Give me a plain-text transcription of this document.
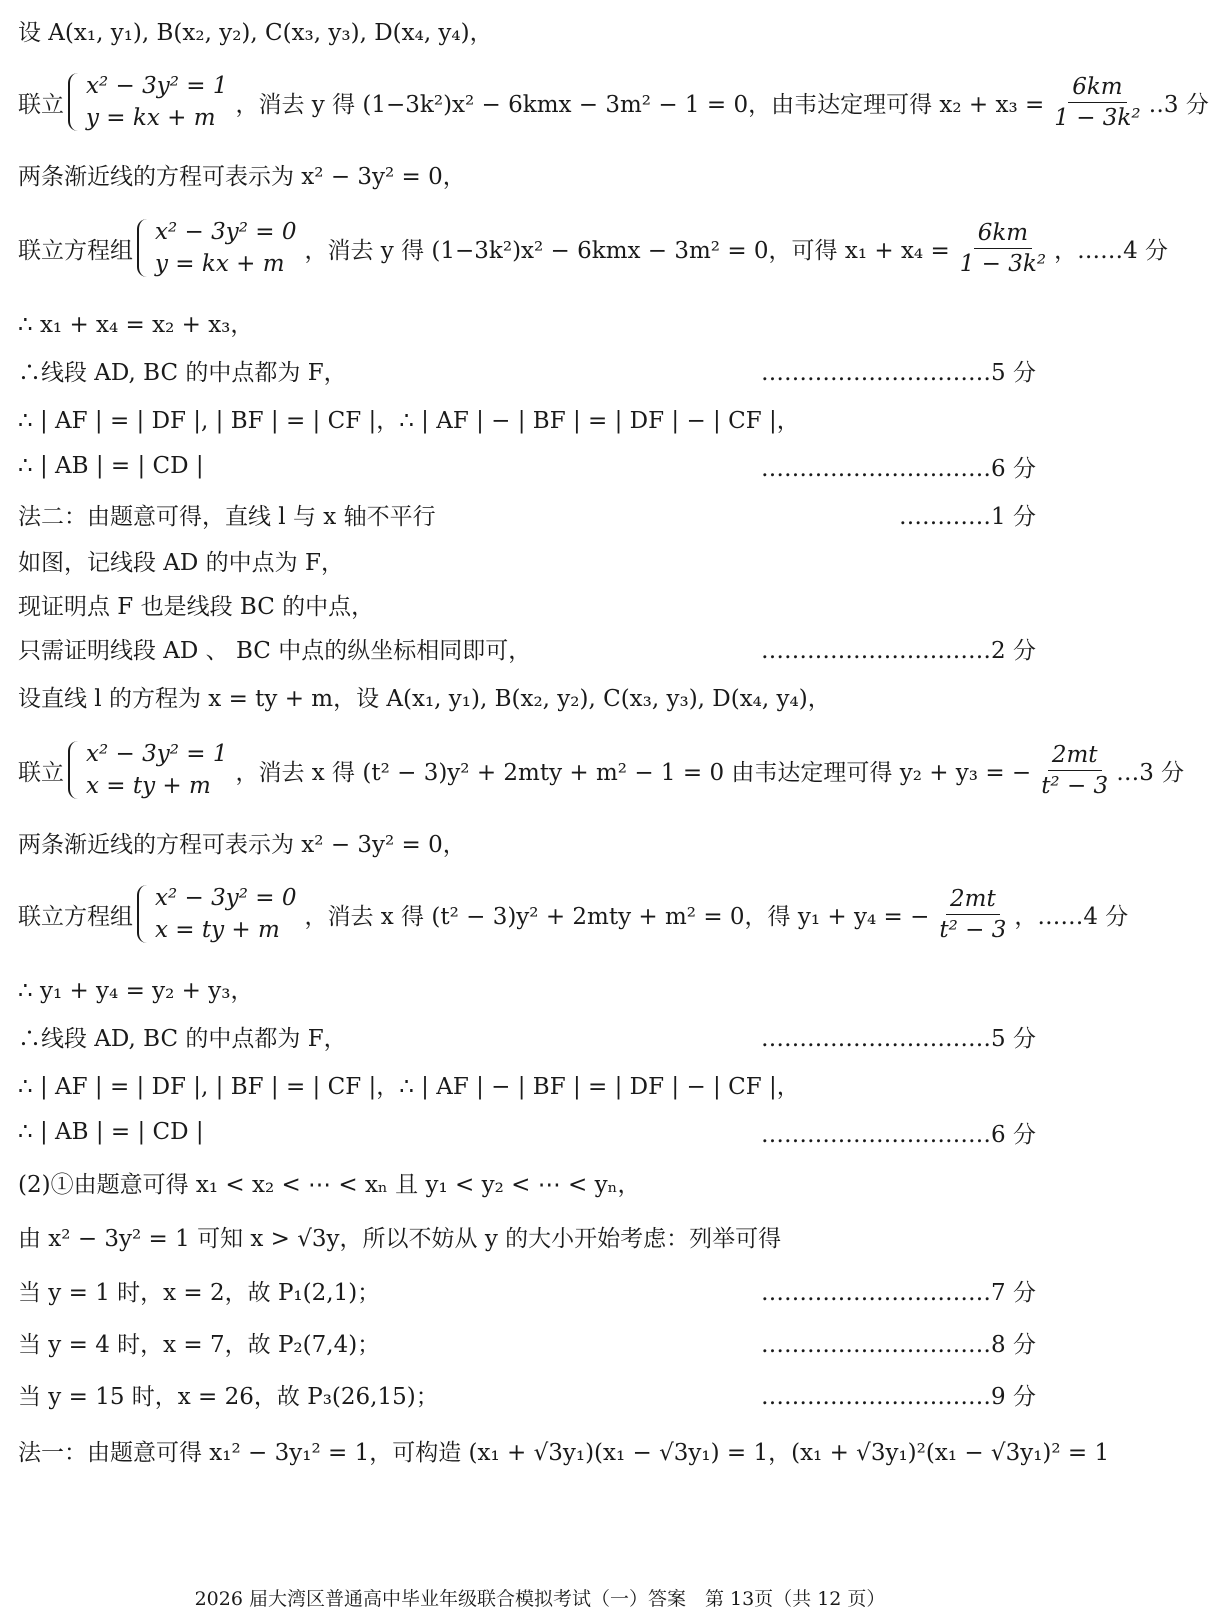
设 A(x₁, y₁), B(x₂, y₂), C(x₃, y₃), D(x₄, y₄)，
联立
x² − 3y² = 1
y = kx + m
，消去 y 得 (1−3k²)x² − 6kmx − 3m² − 1 = 0，由韦达定理可得 $x_2 + x_3 = \frac{6km}{\text{1 − 3k²}}$ ‥3 分
两条渐近线的方程可表示为 x² − 3y² = 0，
联立方程组
x² − 3y² = 0
y = kx + m
，消去 y 得 (1−3k²)x² − 6kmx − 3m² = 0，可得 $x_1 + x_4 = \frac{6km}{\text{1 − 3k²}}$ ， ……4 分
∴ x₁ + x₄ = x₂ + x₃，
∴线段 AD, BC 的中点都为 F，	…………………………5 分
∴ | AF | = | DF |, | BF | = | CF |，∴ | AF | − | BF | = | DF | − | CF |，
∴ | AB | = | CD |	…………………………6 分
法二：由题意可得，直线 l 与 x 轴不平行	…………1 分
如图，记线段 AD 的中点为 F，
现证明点 F 也是线段 BC 的中点，
只需证明线段 AD 、 BC 中点的纵坐标相同即可，	…………………………2 分
设直线 l 的方程为 x = ty + m，设 A(x₁, y₁), B(x₂, y₂), C(x₃, y₃), D(x₄, y₄)，
联立
x² − 3y² = 1
x = ty + m
，消去 x 得 (t² − 3)y² + 2mty + m² − 1 = 0 由韦达定理可得 y₂ + y₃ = − $\frac{2mt}{\text{t² − 3}}$ …3 分
两条渐近线的方程可表示为 x² − 3y² = 0，
联立方程组
x² − 3y² = 0
x = ty + m
，消去 x 得 (t² − 3)y² + 2mty + m² = 0，得 y₁ + y₄ = − $\frac{2mt}{\text{t² − 3}}$ ， ……4 分
∴ y₁ + y₄ = y₂ + y₃，
∴线段 AD, BC 的中点都为 F，	…………………………5 分
∴ | AF | = | DF |, | BF | = | CF |，∴ | AF | − | BF | = | DF | − | CF |，
∴ | AB | = | CD |	…………………………6 分
(2)①由题意可得 x₁ < x₂ < ⋯ < xₙ 且 y₁ < y₂ < ⋯ < yₙ，
由 x² − 3y² = 1 可知 x > √3y，所以不妨从 y 的大小开始考虑：列举可得
当 y = 1 时，x = 2，故 P₁(2,1)；	…………………………7 分
当 y = 4 时，x = 7，故 P₂(7,4)；	…………………………8 分
当 y = 15 时，x = 26，故 P₃(26,15)；	…………………………9 分
法一：由题意可得 x₁² − 3y₁² = 1，可构造 (x₁ + √3y₁)(x₁ − √3y₁) = 1，(x₁ + √3y₁)²(x₁ − √3y₁)² = 1
2026 届大湾区普通高中毕业年级联合模拟考试（一）答案　第 13页（共 12 页）
